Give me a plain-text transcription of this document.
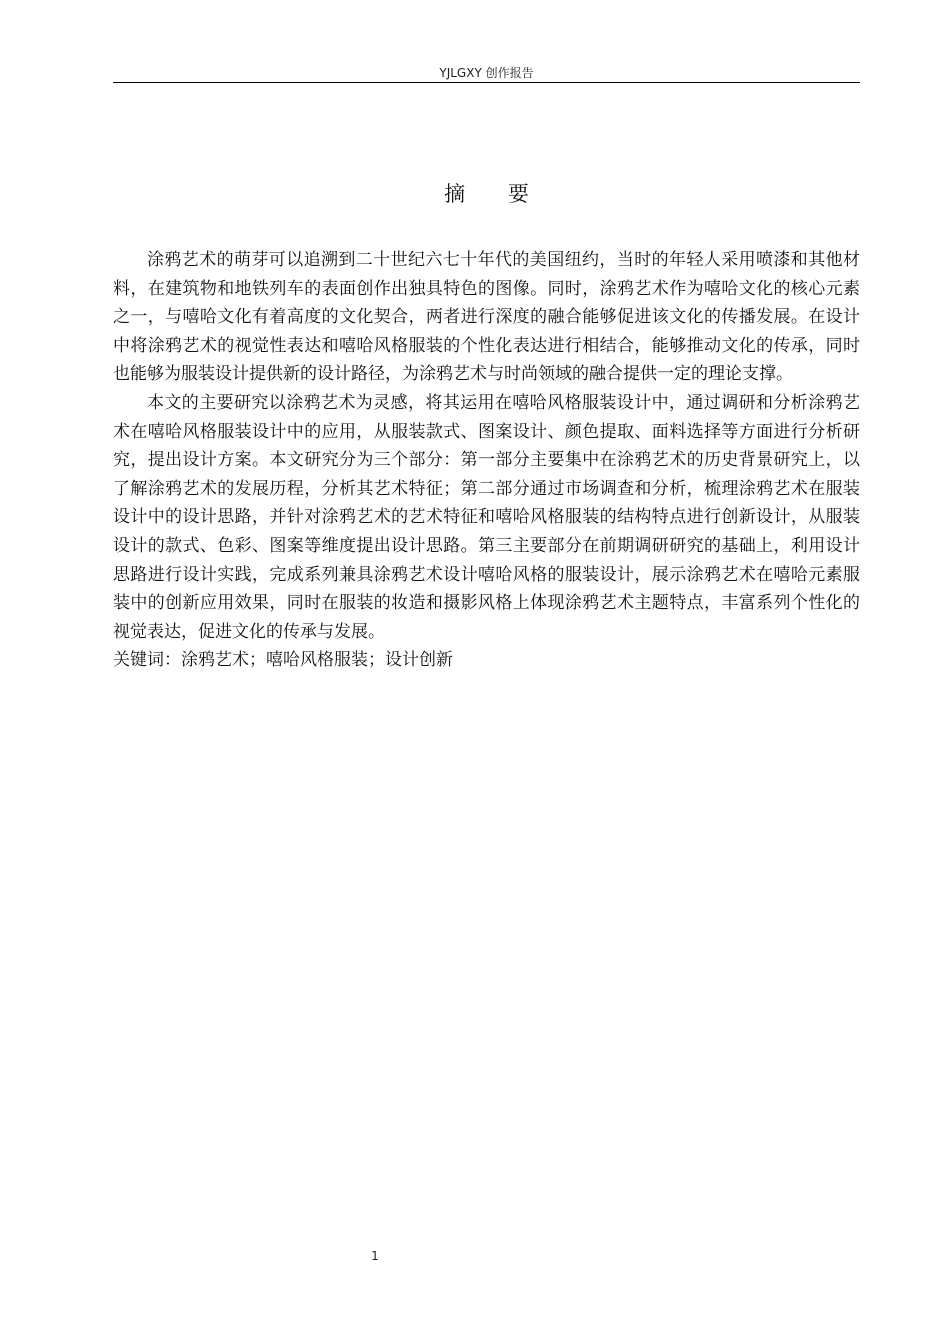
YJLGXY 创作报告
摘 要

涂鸦艺术的萌芽可以追溯到二十世纪六七十年代的美国纽约，当时的年轻人采用喷漆和其他材料，在建筑物和地铁列车的表面创作出独具特色的图像。同时，涂鸦艺术作为嘻哈文化的核心元素之一，与嘻哈文化有着高度的文化契合，两者进行深度的融合能够促进该文化的传播发展。在设计中将涂鸦艺术的视觉性表达和嘻哈风格服装的个性化表达进行相结合，能够推动文化的传承，同时也能够为服装设计提供新的设计路径，为涂鸦艺术与时尚领域的融合提供一定的理论支撑。

本文的主要研究以涂鸦艺术为灵感，将其运用在嘻哈风格服装设计中，通过调研和分析涂鸦艺术在嘻哈风格服装设计中的应用，从服装款式、图案设计、颜色提取、面料选择等方面进行分析研究，提出设计方案。本文研究分为三个部分：第一部分主要集中在涂鸦艺术的历史背景研究上，以了解涂鸦艺术的发展历程，分析其艺术特征；第二部分通过市场调查和分析，梳理涂鸦艺术在服装设计中的设计思路，并针对涂鸦艺术的艺术特征和嘻哈风格服装的结构特点进行创新设计，从服装设计的款式、色彩、图案等维度提出设计思路。第三主要部分在前期调研研究的基础上，利用设计思路进行设计实践，完成系列兼具涂鸦艺术设计嘻哈风格的服装设计，展示涂鸦艺术在嘻哈元素服装中的创新应用效果，同时在服装的妆造和摄影风格上体现涂鸦艺术主题特点，丰富系列个性化的视觉表达，促进文化的传承与发展。

关键词：涂鸦艺术；嘻哈风格服装；设计创新

1
